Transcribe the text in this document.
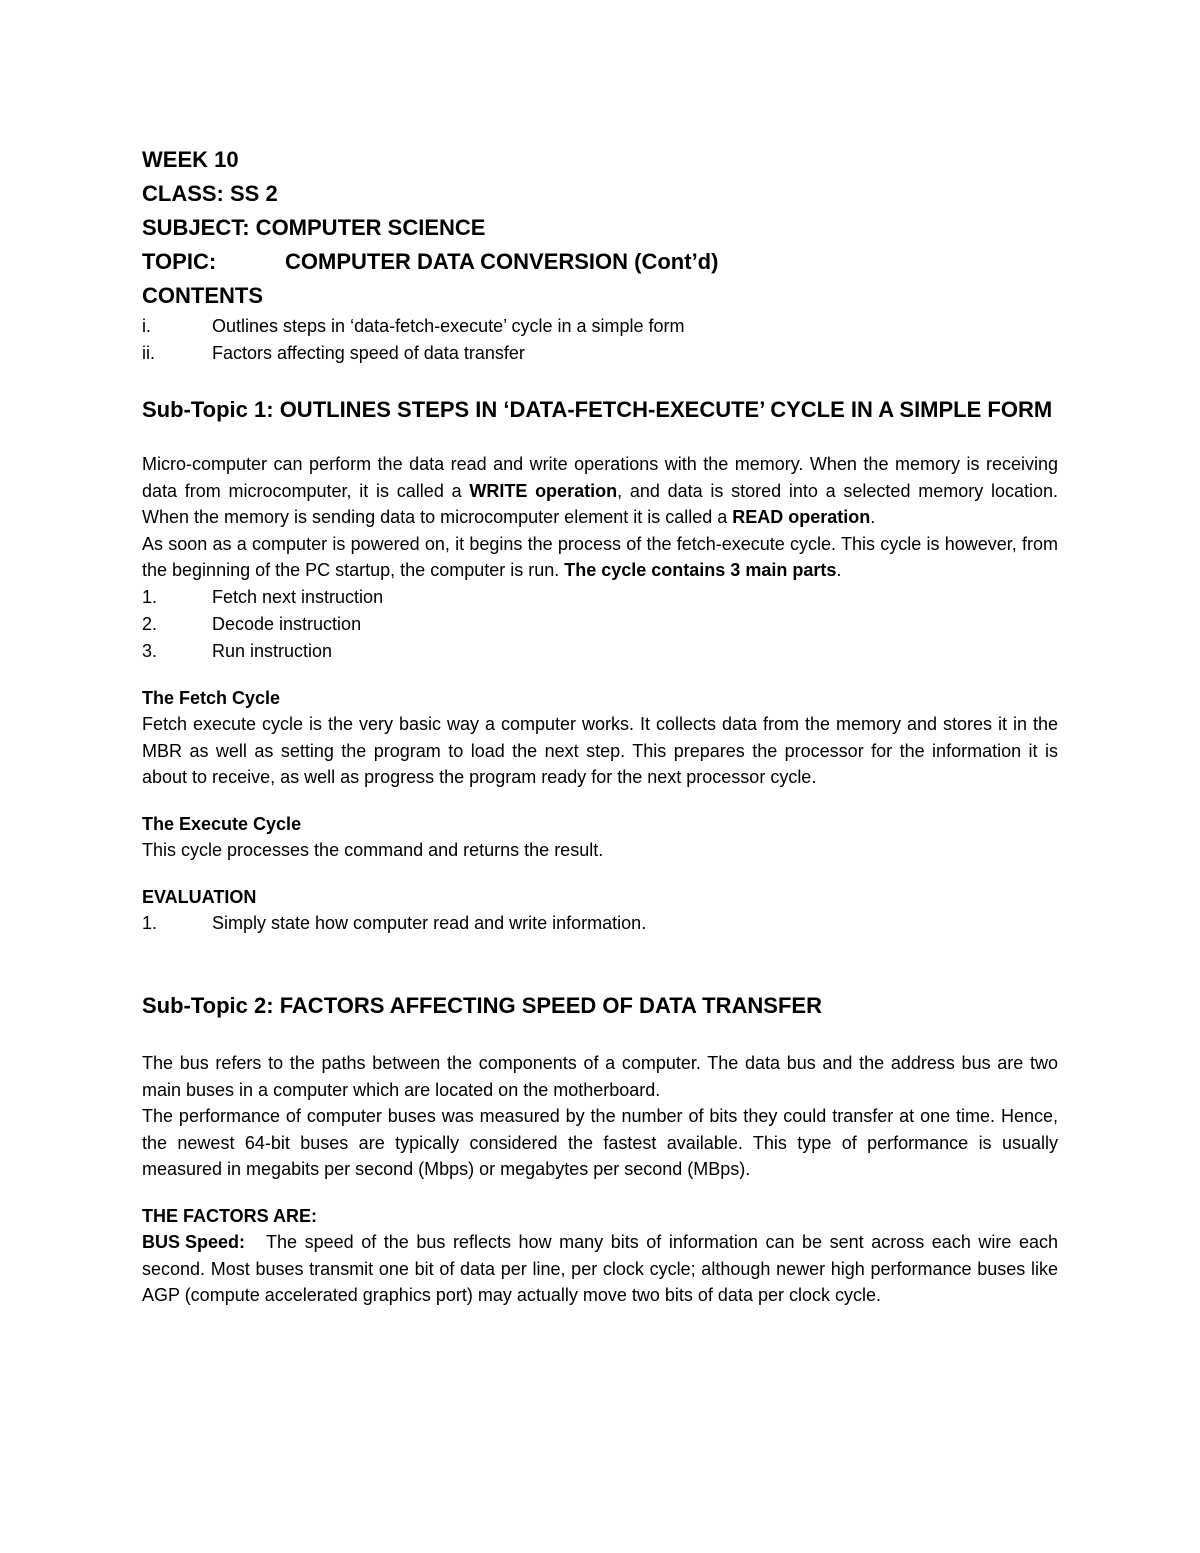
WEEK 10

CLASS: SS 2

SUBJECT: COMPUTER SCIENCE

TOPIC:	COMPUTER DATA CONVERSION (Cont’d)

CONTENTS

i.	Outlines steps in ‘data-fetch-execute’ cycle in a simple form
ii.	Factors affecting speed of data transfer

Sub-Topic 1: OUTLINES STEPS IN ‘DATA-FETCH-EXECUTE’ CYCLE IN A SIMPLE FORM

Micro-computer can perform the data read and write operations with the memory. When the memory is receiving data from microcomputer, it is called a WRITE operation, and data is stored into a selected memory location. When the memory is sending data to microcomputer element it is called a READ operation.

As soon as a computer is powered on, it begins the process of the fetch-execute cycle. This cycle is however, from the beginning of the PC startup, the computer is run. The cycle contains 3 main parts.

1.	Fetch next instruction
2.	Decode instruction
3.	Run instruction

The Fetch Cycle

Fetch execute cycle is the very basic way a computer works. It collects data from the memory and stores it in the MBR as well as setting the program to load the next step. This prepares the processor for the information it is about to receive, as well as progress the program ready for the next processor cycle.

The Execute Cycle

This cycle processes the command and returns the result.

EVALUATION

1.	Simply state how computer read and write information.

Sub-Topic 2: FACTORS AFFECTING SPEED OF DATA TRANSFER

The bus refers to the paths between the components of a computer. The data bus and the address bus are two main buses in a computer which are located on the motherboard.

The performance of computer buses was measured by the number of bits they could transfer at one time. Hence, the newest 64-bit buses are typically considered the fastest available. This type of performance is usually measured in megabits per second (Mbps) or megabytes per second (MBps).

THE FACTORS ARE:

BUS Speed: The speed of the bus reflects how many bits of information can be sent across each wire each second. Most buses transmit one bit of data per line, per clock cycle; although newer high performance buses like AGP (compute accelerated graphics port) may actually move two bits of data per clock cycle.
